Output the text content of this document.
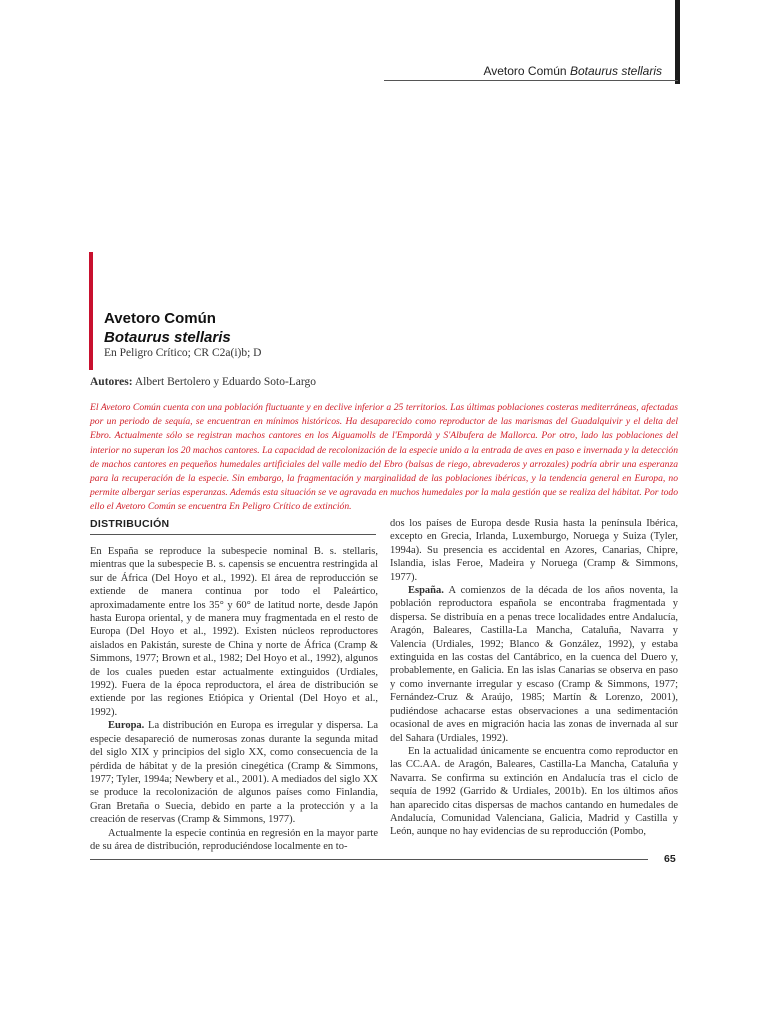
Avetoro Común Botaurus stellaris
Avetoro Común
Botaurus stellaris
En Peligro Crítico; CR C2a(i)b; D
Autores: Albert Bertolero y Eduardo Soto-Largo
El Avetoro Común cuenta con una población fluctuante y en declive inferior a 25 territorios. Las últimas poblaciones costeras mediterráneas, afectadas por un periodo de sequía, se encuentran en mínimos históricos. Ha desaparecido como reproductor de las marismas del Guadalquivir y el delta del Ebro. Actualmente sólo se registran machos cantores en los Aiguamolls de l'Empordà y S'Albufera de Mallorca. Por otro, lado las poblaciones del interior no superan los 20 machos cantores. La capacidad de recolonización de la especie unido a la entrada de aves en paso e invernada y la detección de machos cantores en pequeños humedales artificiales del valle medio del Ebro (balsas de riego, abrevaderos y arrozales) podría abrir una esperanza para la recuperación de la especie. Sin embargo, la fragmentación y marginalidad de las poblaciones ibéricas, y la tendencia general en Europa, no permite albergar serias esperanzas. Además esta situación se ve agravada en muchos humedales por la mala gestión que se realiza del hábitat. Por todo ello el Avetoro Común se encuentra En Peligro Crítico de extinción.
DISTRIBUCIÓN

En España se reproduce la subespecie nominal B. s. stellaris, mientras que la subespecie B. s. capensis se encuentra restringida al sur de África (Del Hoyo et al., 1992). El área de reproducción se extiende de manera continua por todo el Paleártico, aproximadamente entre los 35° y 60° de latitud norte, desde Japón hasta Europa oriental, y de manera muy fragmentada en el resto de Europa (Del Hoyo et al., 1992). Existen núcleos reproductores aislados en Pakistán, sureste de China y norte de África (Cramp & Simmons, 1977; Brown et al., 1982; Del Hoyo et al., 1992), algunos de los cuales pueden estar actualmente extinguidos (Urdiales, 1992). Fuera de la época reproductora, el área de distribución se extiende por las regiones Etiópica y Oriental (Del Hoyo et al., 1992).

Europa. La distribución en Europa es irregular y dispersa. La especie desapareció de numerosas zonas durante la segunda mitad del siglo XIX y principios del siglo XX, como consecuencia de la pérdida de hábitat y de la presión cinegética (Cramp & Simmons, 1977; Tyler, 1994a; Newbery et al., 2001). A mediados del siglo XX se produce la recolonización de algunos países como Finlandia, Gran Bretaña o Suecia, debido en parte a la protección y a la creación de reservas (Cramp & Simmons, 1977).

Actualmente la especie continúa en regresión en la mayor parte de su área de distribución, reproduciéndose localmente en to-

dos los países de Europa desde Rusia hasta la península Ibérica, excepto en Grecia, Irlanda, Luxemburgo, Noruega y Suiza (Tyler, 1994a). Su presencia es accidental en Azores, Canarias, Chipre, Islandia, islas Feroe, Madeira y Noruega (Cramp & Simmons, 1977).

España. A comienzos de la década de los años noventa, la población reproductora española se encontraba fragmentada y dispersa. Se distribuía en a penas trece localidades entre Andalucía, Aragón, Baleares, Castilla-La Mancha, Cataluña, Navarra y Valencia (Urdiales, 1992; Blanco & González, 1992), y estaba extinguida en las costas del Cantábrico, en la cuenca del Duero y, probablemente, en Galicia. En las islas Canarias se observa en paso y como invernante irregular y escaso (Cramp & Simmons, 1977; Fernández-Cruz & Araújo, 1985; Martín & Lorenzo, 2001), pudiéndose achacarse estas observaciones a una sedimentación ocasional de aves en migración hacia las zonas de invernada al sur del Sahara (Urdiales, 1992).

En la actualidad únicamente se encuentra como reproductor en las CC.AA. de Aragón, Baleares, Castilla-La Mancha, Cataluña y Navarra. Se confirma su extinción en Andalucía tras el ciclo de sequía de 1992 (Garrido & Urdiales, 2001b). En los últimos años han aparecido citas dispersas de machos cantando en humedales de Andalucía, Comunidad Valenciana, Galicia, Madrid y Castilla y León, aunque no hay evidencias de su reproducción (Pombo,

65
